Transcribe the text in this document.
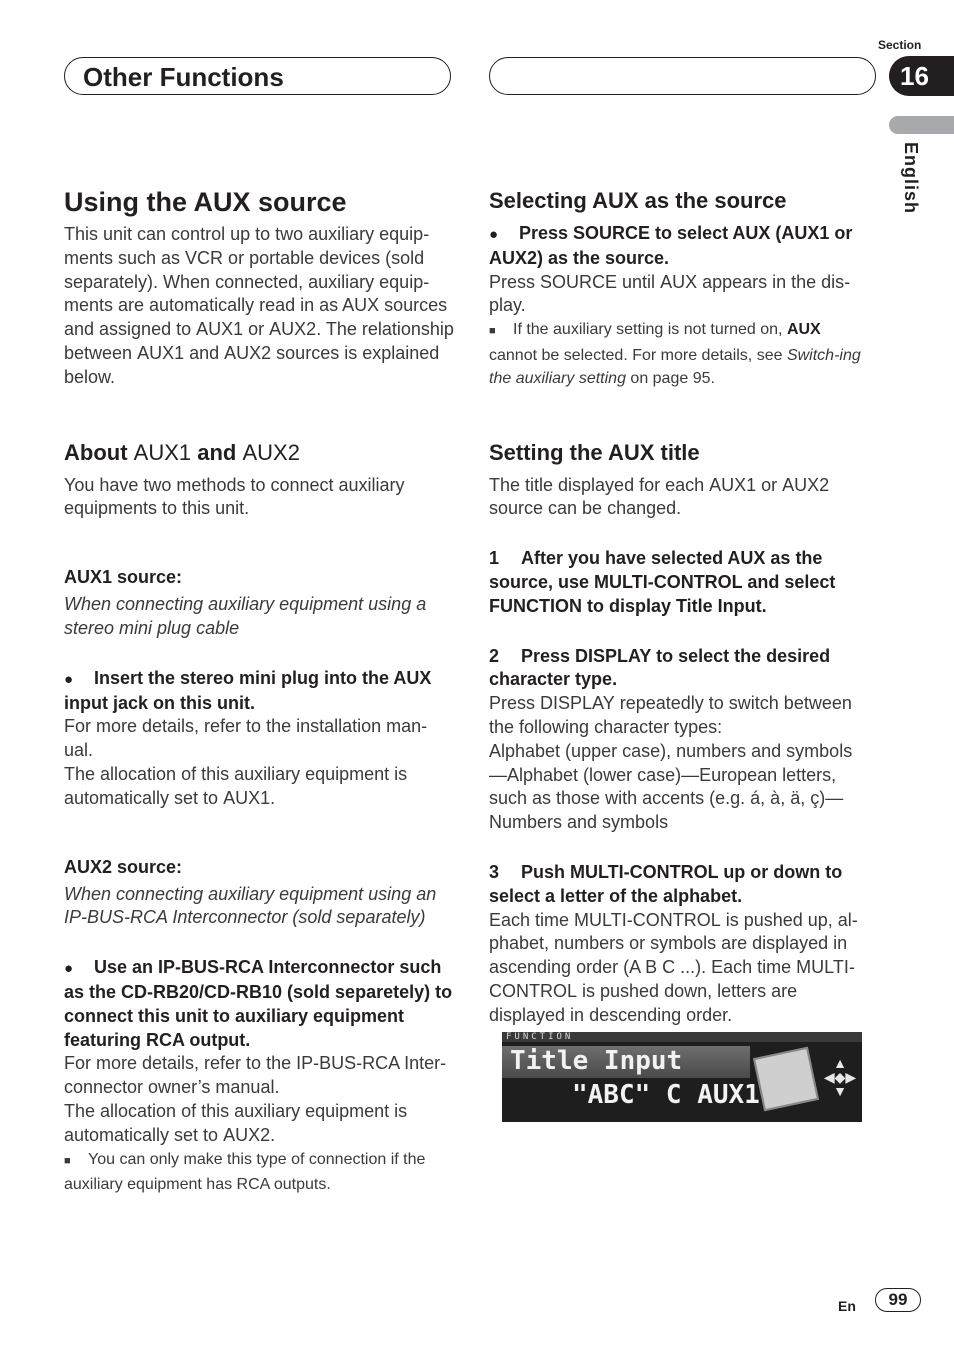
Other Functions
Section
16
English
Using the AUX source

This unit can control up to two auxiliary equip-ments such as VCR or portable devices (sold separately). When connected, auxiliary equip-ments are automatically read in as AUX sources and assigned to AUX1 or AUX2. The relationship between AUX1 and AUX2 sources is explained below.

About AUX1 and AUX2

You have two methods to connect auxiliary equipments to this unit.

AUX1 source:

When connecting auxiliary equipment using a stereo mini plug cable

● Insert the stereo mini plug into the AUX input jack on this unit.

For more details, refer to the installation man-ual.

The allocation of this auxiliary equipment is automatically set to AUX1.

AUX2 source:

When connecting auxiliary equipment using an IP-BUS-RCA Interconnector (sold separately)

● Use an IP-BUS-RCA Interconnector such as the CD-RB20/CD-RB10 (sold separetely) to connect this unit to auxiliary equipment featuring RCA output.

For more details, refer to the IP-BUS-RCA Inter-connector owner’s manual.

The allocation of this auxiliary equipment is automatically set to AUX2.

■ You can only make this type of connection if the auxiliary equipment has RCA outputs.

Selecting AUX as the source

● Press SOURCE to select AUX (AUX1 or AUX2) as the source.

Press SOURCE until AUX appears in the dis-play.

■ If the auxiliary setting is not turned on, AUX cannot be selected. For more details, see Switch-ing the auxiliary setting on page 95.

Setting the AUX title

The title displayed for each AUX1 or AUX2 source can be changed.

1 After you have selected AUX as the source, use MULTI-CONTROL and select FUNCTION to display Title Input.

2 Press DISPLAY to select the desired character type.

Press DISPLAY repeatedly to switch between the following character types:

Alphabet (upper case), numbers and symbols —Alphabet (lower case)—European letters, such as those with accents (e.g. á, à, ä, ç)— Numbers and symbols

3 Push MULTI-CONTROL up or down to select a letter of the alphabet.

Each time MULTI-CONTROL is pushed up, al-phabet, numbers or symbols are displayed in ascending order (A B C ...). Each time MULTI-CONTROL is pushed down, letters are displayed in descending order.

FUNCTION
Title Input
"ABC" C AUX1
▲
◀◆▶
▼
En	99
